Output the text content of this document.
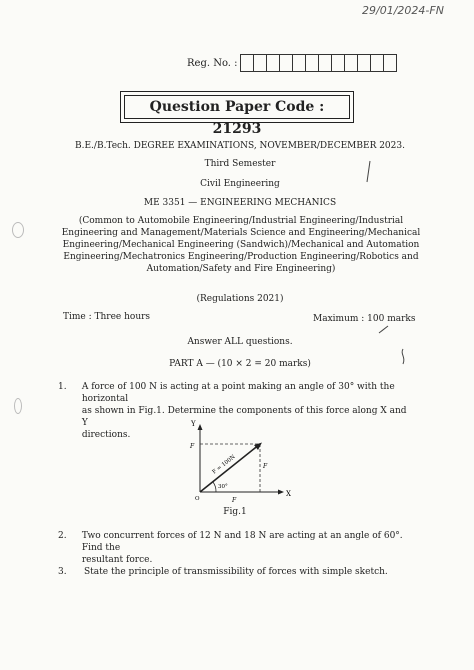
29/01/2024-FN
Reg. No. :
Question Paper Code : 21293
B.E./B.Tech. DEGREE EXAMINATIONS, NOVEMBER/DECEMBER 2023.
Third Semester
Civil Engineering
ME 3351 — ENGINEERING MECHANICS
(Common to Automobile Engineering/Industrial Engineering/Industrial
Engineering and Management/Materials Science and Engineering/Mechanical
Engineering/Mechanical Engineering (Sandwich)/Mechanical and Automation
Engineering/Mechatronics Engineering/Production Engineering/Robotics and
Automation/Safety and Fire Engineering)
(Regulations 2021)
Time : Three hours	Maximum : 100 marks
Answer ALL questions.
PART A — (10 × 2 = 20 marks)
1.	A force of 100 N is acting at a point making an angle of 30° with the horizontal
as shown in Fig.1. Determine the components of this force along X and Y
directions.
Y
X
F
F
F
F = 100N
30°
O
Fig.1
2.	Two concurrent forces of 12 N and 18 N are acting at an angle of 60°. Find the
resultant force.
3.	State the principle of transmissibility of forces with simple sketch.
